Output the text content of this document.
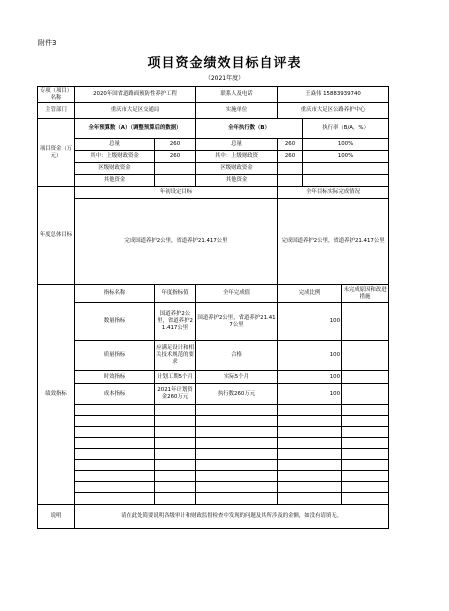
附件3
项目资金绩效目标自评表
（2021年度）
专项（项目）名称	2020年国省道路面预防性养护工程		联系人及电话	王焱伟 15883939740		
主管部门	重庆市大足区交通局		实施单位	重庆市大足区公路养护中心		
项目资金（万元）	全年预算数（A）（调整预算后的数据）		全年执行数（B）		执行率（B/A，%）	
	总量	260	总量	260	100%	
	其中：上级财政资金	260	其中：上级财政资	260	100%	
	区级财政资金		区级财政资金			
	其他资金		其他资金			
年度总体目标	年初设定目标			全年目标实际完成情况		
	完成国道养护2公里，省道养护21.417公里			完成国道养护2公里，省道养护21.417公里		
绩效指标	指标名称	年度指标值	全年完成值	完成比例		未完成原因和改进措施
	数量指标	国道养护2公里，省道养护21.417公里	国道养护2公里，省道养护21.417公里	100		
	质量指标	应满足设计和相关技术规范的要求	合格	100		
	时效指标	计划工期5个月	实际5个月	100		
	成本指标	2021年计划资金260万元	执行数260万元	100		

说明	请在此处简要说明各级审计和财政监督检查中发现的问题及其所涉及的金额，如没有请填无。					
